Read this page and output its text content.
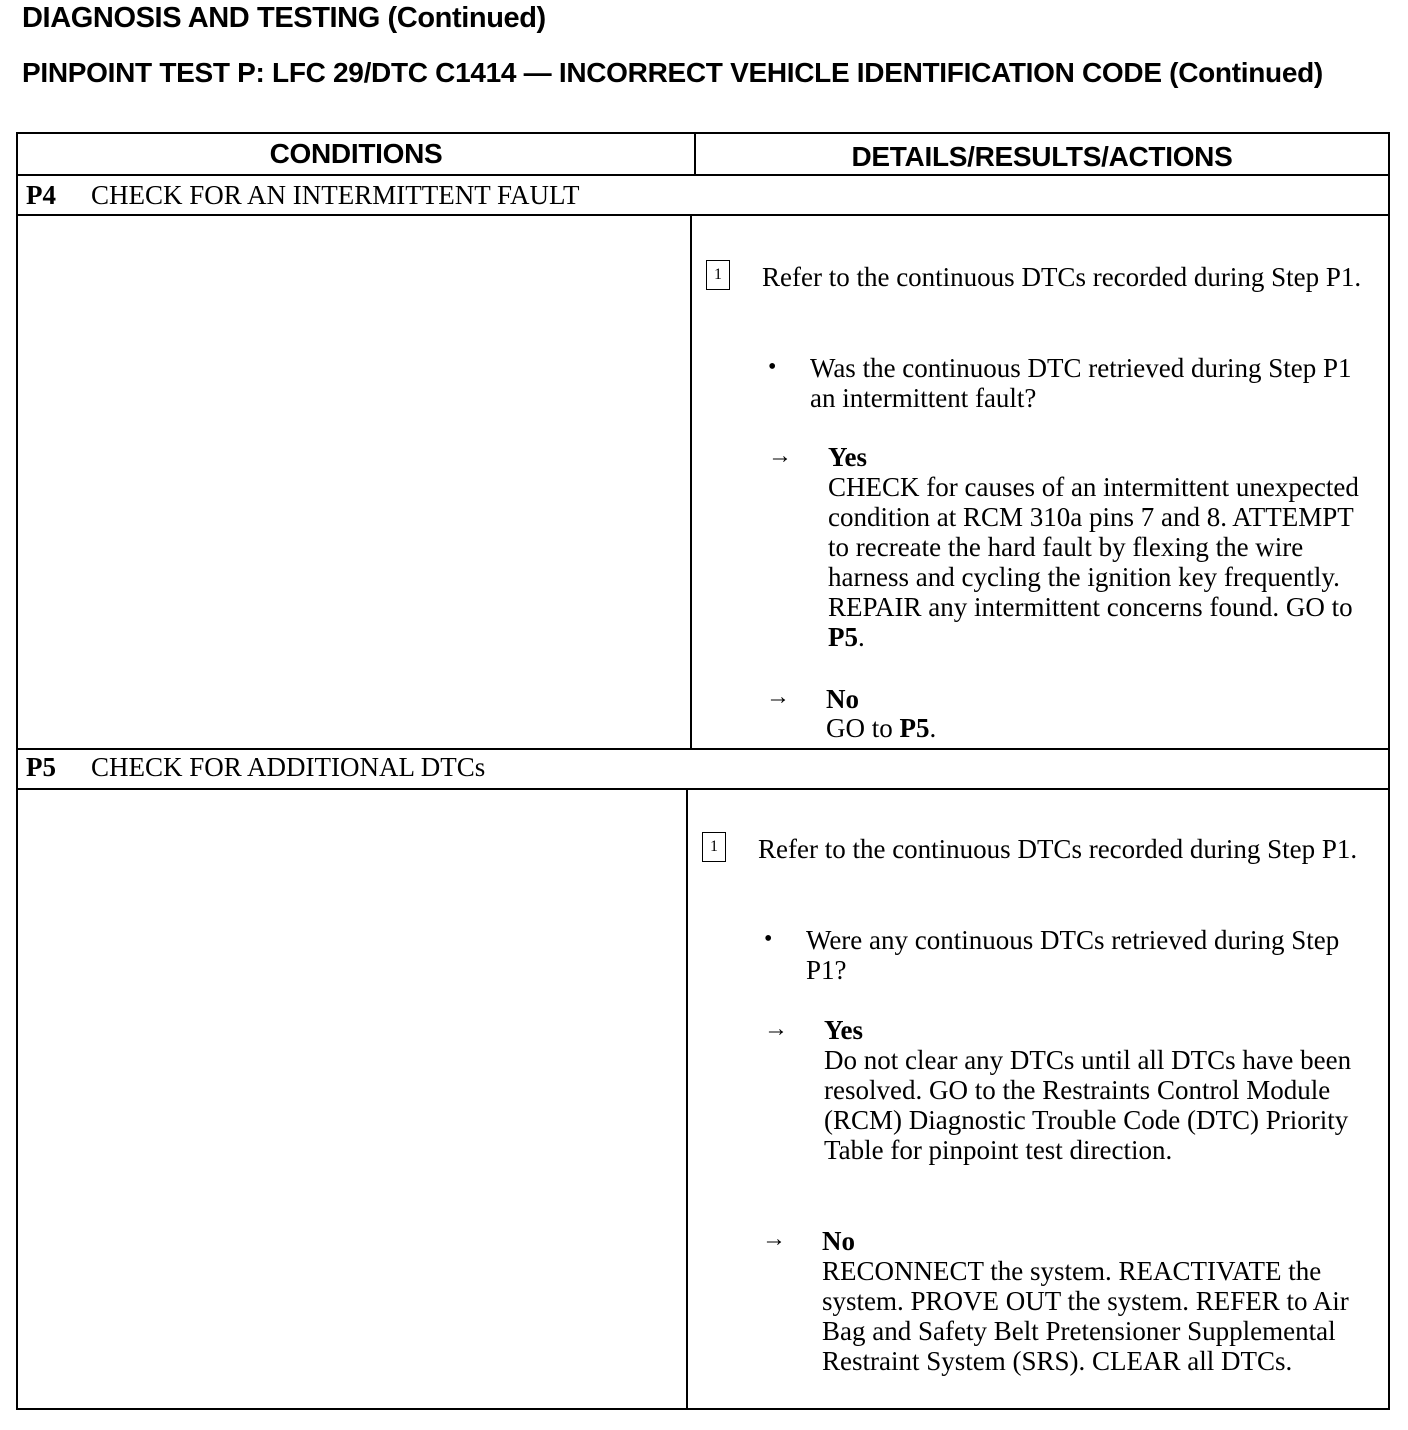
DIAGNOSIS AND TESTING (Continued)
PINPOINT TEST P: LFC 29/DTC C1414 — INCORRECT VEHICLE IDENTIFICATION CODE (Continued)
CONDITIONS	DETAILS/RESULTS/ACTIONS
P4 CHECK FOR AN INTERMITTENT FAULT
1 Refer to the continuous DTCs recorded during Step P1.
• Was the continuous DTC retrieved during Step P1 an intermittent fault?
→ Yes
CHECK for causes of an intermittent unexpected condition at RCM 310a pins 7 and 8. ATTEMPT to recreate the hard fault by flexing the wire harness and cycling the ignition key frequently. REPAIR any intermittent concerns found. GO to P5.
→ No
GO to P5.
P5 CHECK FOR ADDITIONAL DTCs
1 Refer to the continuous DTCs recorded during Step P1.
• Were any continuous DTCs retrieved during Step P1?
→ Yes
Do not clear any DTCs until all DTCs have been resolved. GO to the Restraints Control Module (RCM) Diagnostic Trouble Code (DTC) Priority Table for pinpoint test direction.
→ No
RECONNECT the system. REACTIVATE the system. PROVE OUT the system. REFER to Air Bag and Safety Belt Pretensioner Supplemental Restraint System (SRS). CLEAR all DTCs.
